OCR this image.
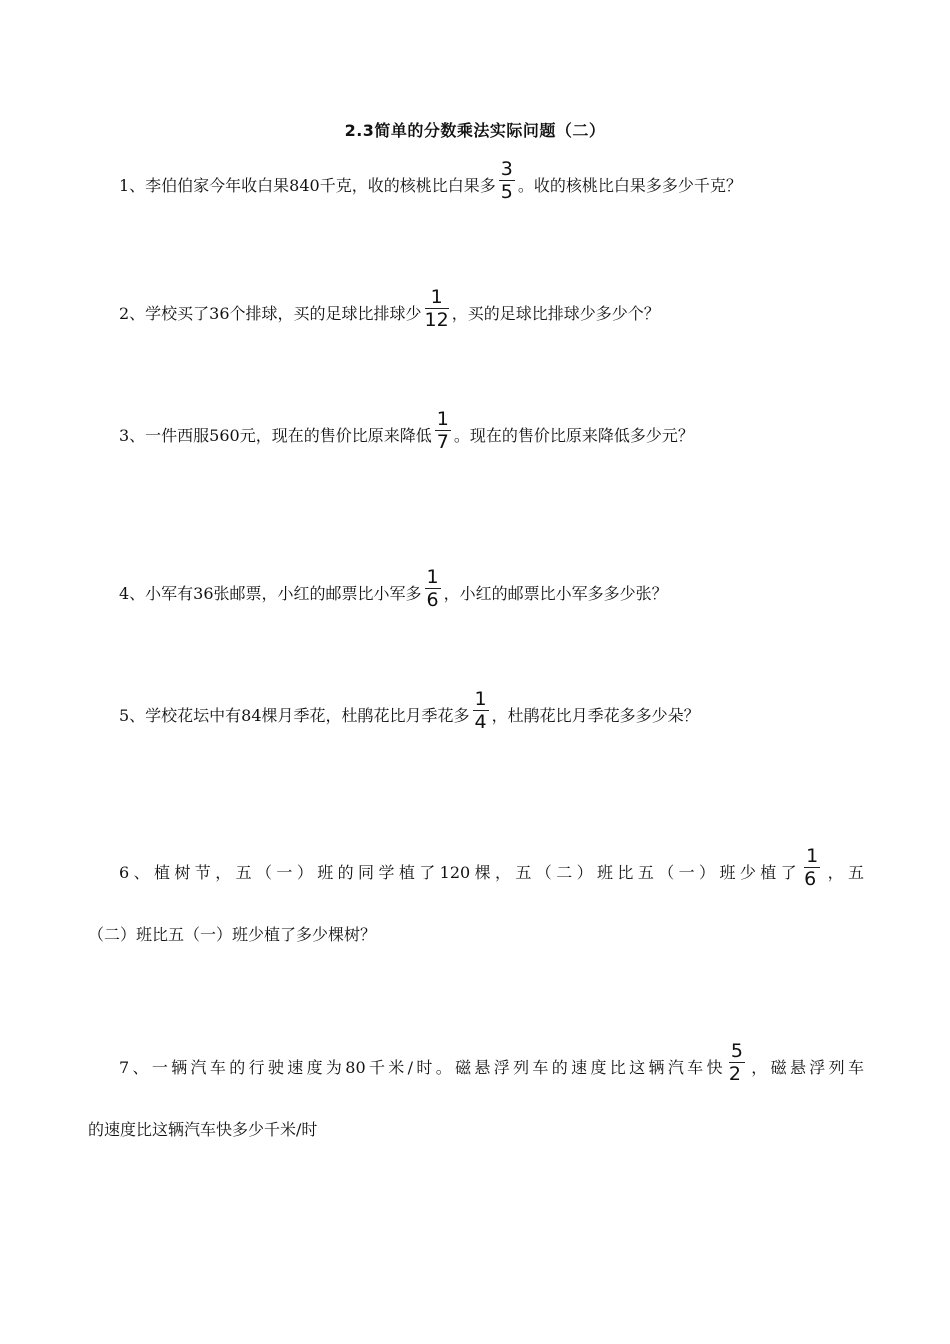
2.3简单的分数乘法实际问题（二）
1、李伯伯家今年收白果840千克，收的核桃比白果多 $\frac{3}{5}$ 。收的核桃比白果多多少千克？
2、学校买了36个排球，买的足球比排球少 $\frac{1}{12}$ ，买的足球比排球少多少个？
3、一件西服560元，现在的售价比原来降低 $\frac{1}{7}$ 。现在的售价比原来降低多少元？
4、小军有36张邮票，小红的邮票比小军多 $\frac{1}{6}$ ，小红的邮票比小军多多少张？
5、学校花坛中有84棵月季花，杜鹃花比月季花多 $\frac{1}{4}$ ，杜鹃花比月季花多多少朵？
6、植树节，五（一）班的同学植了120棵，五（二）班比五（一）班少植了 $\frac{1}{6}$ ，五
（二）班比五（一）班少植了多少棵树？
7、一辆汽车的行驶速度为80千米/时。磁悬浮列车的速度比这辆汽车快 $\frac{5}{2}$ ，磁悬浮列车
的速度比这辆汽车快多少千米/时
